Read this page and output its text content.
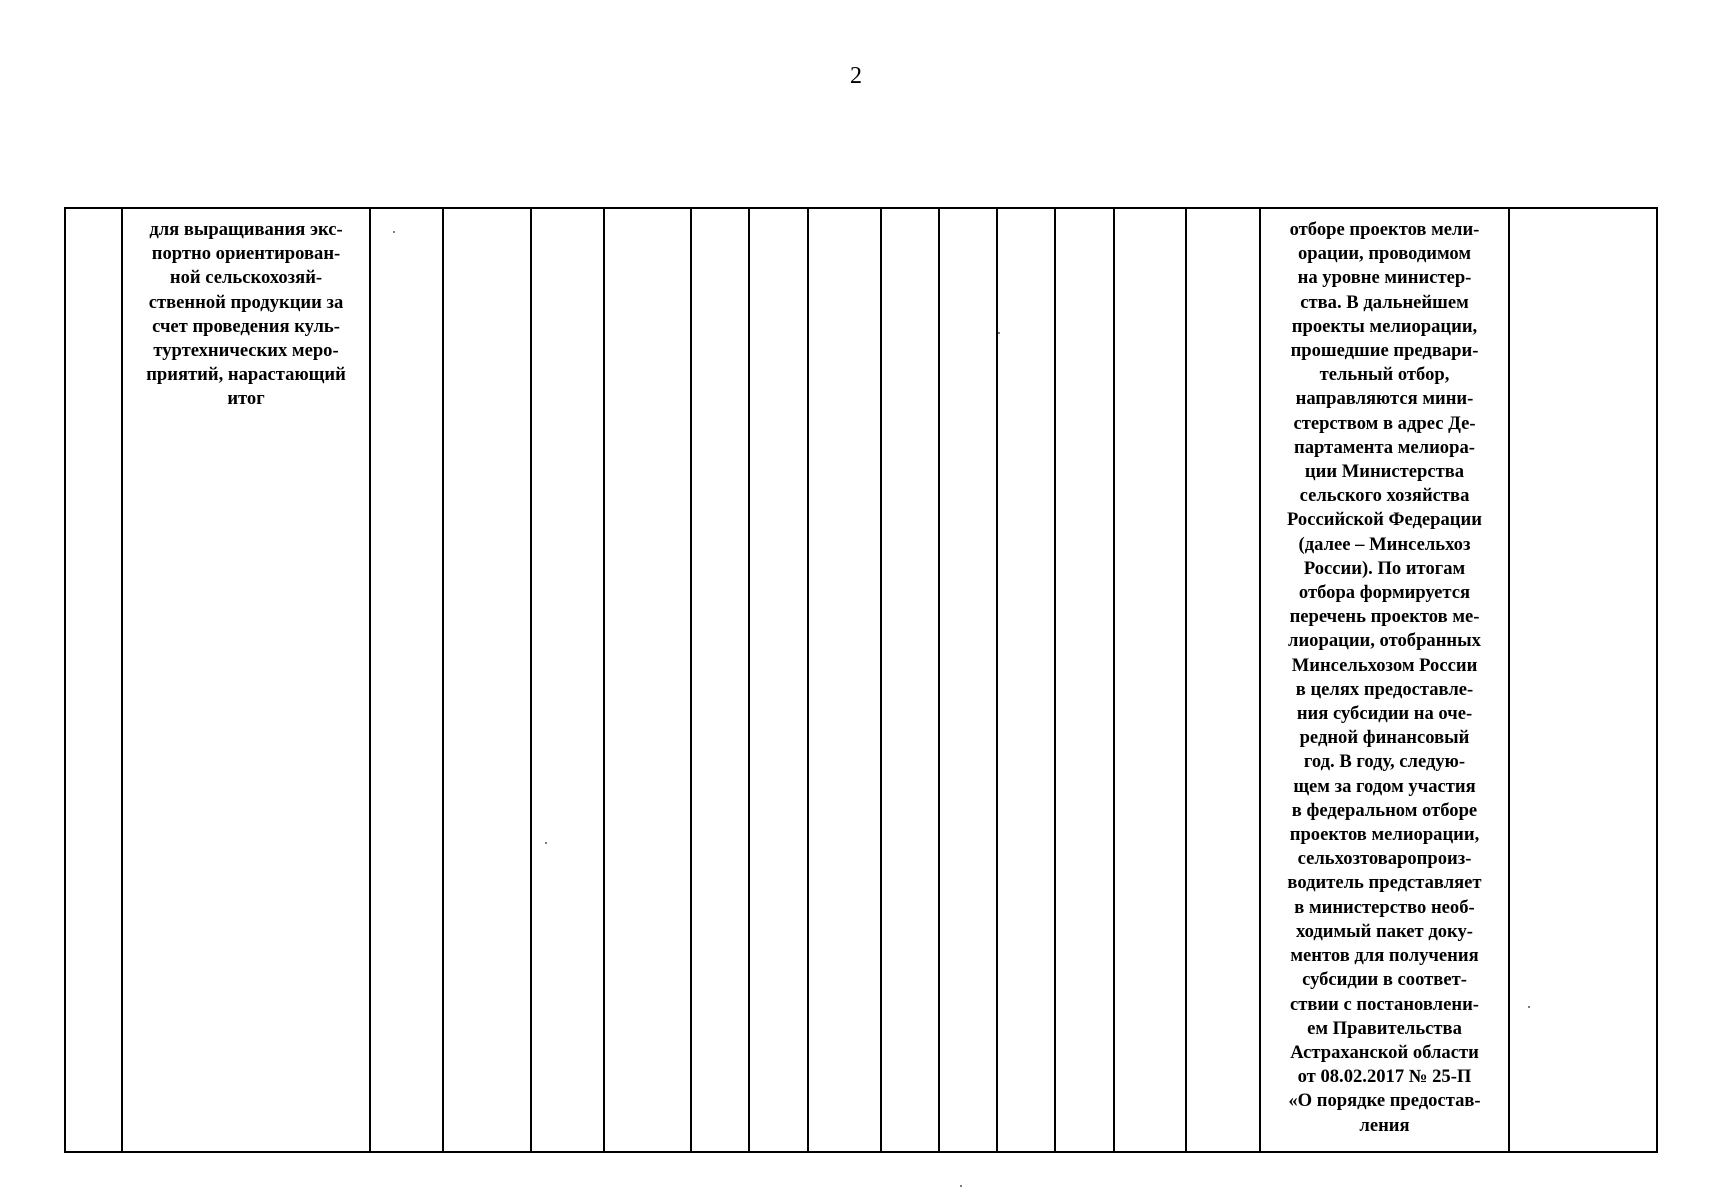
2

для выращивания экс-
портно ориентирован-
ной сельскохозяй-
ственной продукции за
счет проведения куль-
туртехнических меро-
приятий, нарастающий
итог

отборе проектов мели-
орации, проводимом
на уровне министер-
ства. В дальнейшем
проекты мелиорации,
прошедшие предвари-
тельный отбор,
направляются мини-
стерством в адрес Де-
партамента мелиора-
ции Министерства
сельского хозяйства
Российской Федерации
(далее – Минсельхоз
России). По итогам
отбора формируется
перечень проектов ме-
лиорации, отобранных
Минсельхозом России
в целях предоставле-
ния субсидии на оче-
редной финансовый
год. В году, следую-
щем за годом участия
в федеральном отборе
проектов мелиорации,
сельхозтоваропроиз-
водитель представляет
в министерство необ-
ходимый пакет доку-
ментов для получения
субсидии в соответ-
ствии с постановлени-
ем Правительства
Астраханской области
от 08.02.2017 № 25-П
«О порядке предостав-
ления
